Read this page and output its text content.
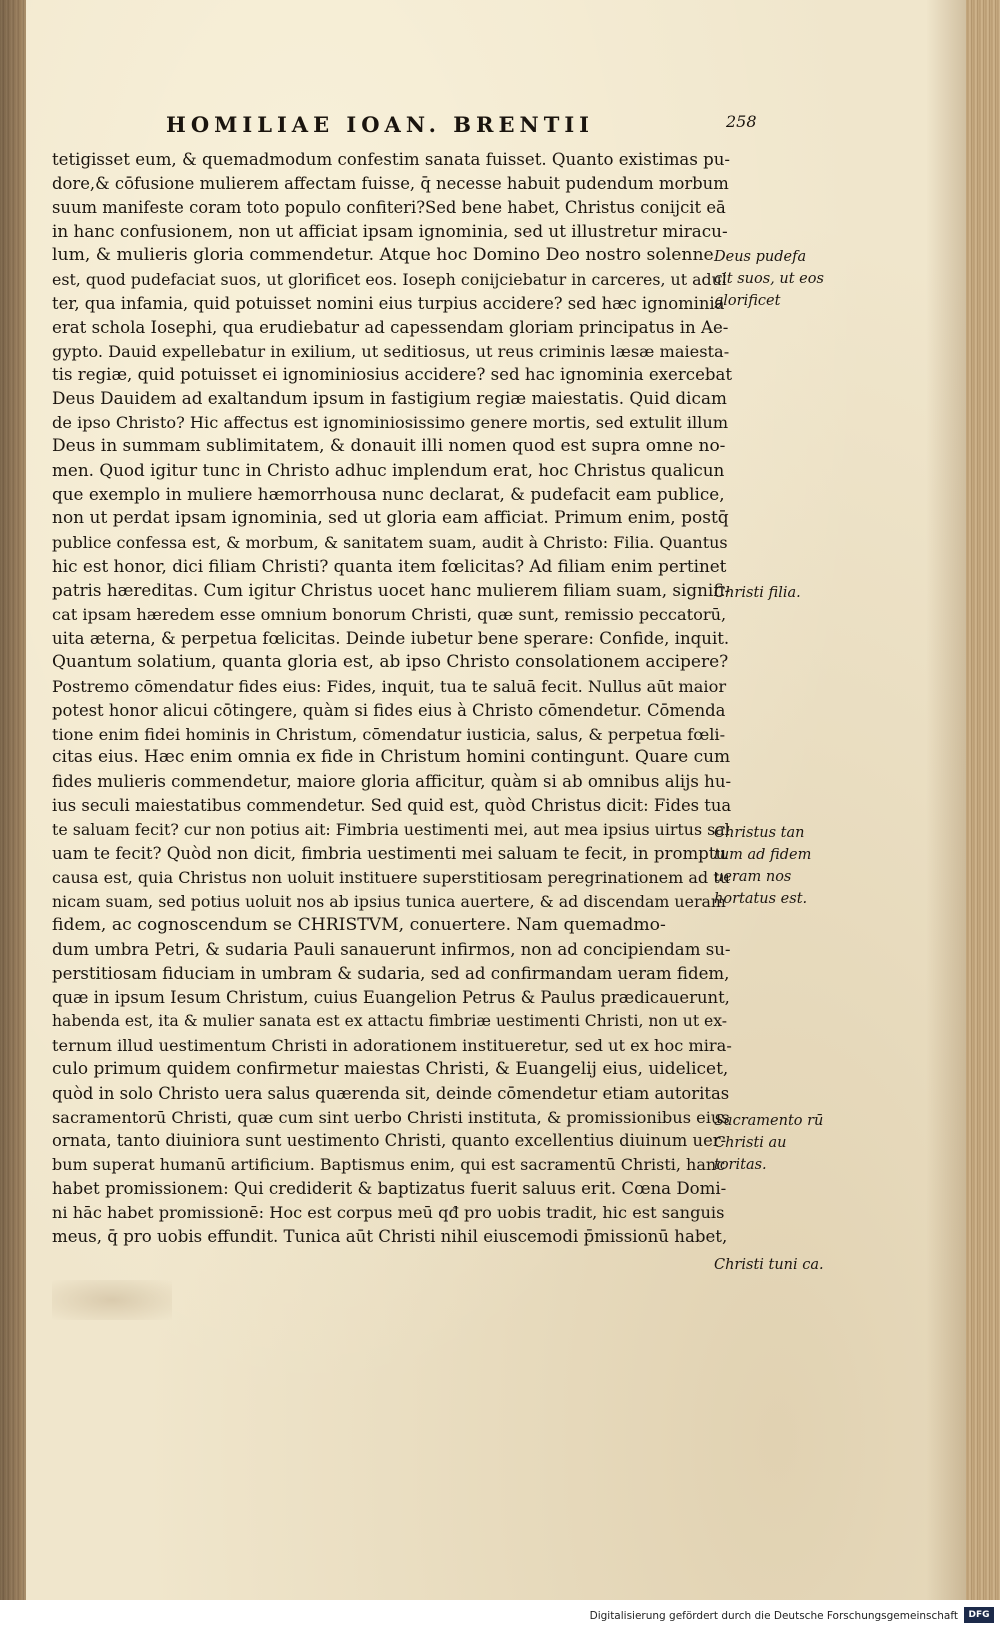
HOMILIAE IOAN. BRENTII	258
tetigisset eum, & quemadmodum confestim sanata fuisset. Quanto existimas pu-
dore,& cōfusione mulierem affectam fuisse, q̄ necesse habuit pudendum morbum
suum manifeste coram toto populo confiteri?Sed bene habet, Christus conijcit eā
in hanc confusionem, non ut afficiat ipsam ignominia, sed ut illustretur miracu-
lum, & mulieris gloria commendetur. Atque hoc Domino Deo nostro solenne
est, quod pudefaciat suos, ut glorificet eos. Ioseph conijciebatur in carceres, ut adul
ter, qua infamia, quid potuisset nomini eius turpius accidere? sed hæc ignominia
erat schola Iosephi, qua erudiebatur ad capessendam gloriam principatus in Ae-
gypto. Dauid expellebatur in exilium, ut seditiosus, ut reus criminis læsæ maiesta-
tis regiæ, quid potuisset ei ignominiosius accidere? sed hac ignominia exercebat
Deus Dauidem ad exaltandum ipsum in fastigium regiæ maiestatis. Quid dicam
de ipso Christo? Hic affectus est ignominiosissimo genere mortis, sed extulit illum
Deus in summam sublimitatem, & donauit illi nomen quod est supra omne no-
men. Quod igitur tunc in Christo adhuc implendum erat, hoc Christus qualicun
que exemplo in muliere hæmorrhousa nunc declarat, & pudefacit eam publice,
non ut perdat ipsam ignominia, sed ut gloria eam afficiat. Primum enim, postq̄
publice confessa est, & morbum, & sanitatem suam, audit à Christo: Filia. Quantus
hic est honor, dici filiam Christi? quanta item fœlicitas? Ad filiam enim pertinet
patris hæreditas. Cum igitur Christus uocet hanc mulierem filiam suam, signifi-
cat ipsam hæredem esse omnium bonorum Christi, quæ sunt, remissio peccatorū,
uita æterna, & perpetua fœlicitas. Deinde iubetur bene sperare: Confide, inquit.
Quantum solatium, quanta gloria est, ab ipso Christo consolationem accipere?
Postremo cōmendatur fides eius: Fides, inquit, tua te saluā fecit. Nullus aūt maior
potest honor alicui cōtingere, quàm si fides eius à Christo cōmendetur. Cōmenda
tione enim fidei hominis in Christum, cōmendatur iusticia, salus, & perpetua fœli-
citas eius. Hæc enim omnia ex fide in Christum homini contingunt. Quare cum
fides mulieris commendetur, maiore gloria afficitur, quàm si ab omnibus alijs hu-
ius seculi maiestatibus commendetur. Sed quid est, quòd Christus dicit: Fides tua
te saluam fecit? cur non potius ait: Fimbria uestimenti mei, aut mea ipsius uirtus sal
uam te fecit? Quòd non dicit, fimbria uestimenti mei saluam te fecit, in promptu
causa est, quia Christus non uoluit instituere superstitiosam peregrinationem ad tu
nicam suam, sed potius uoluit nos ab ipsius tunica auertere, & ad discendam ueram
fidem, ac cognoscendum se CHRISTVM, conuertere. Nam quemadmo-
dum umbra Petri, & sudaria Pauli sanauerunt infirmos, non ad concipiendam su-
perstitiosam fiduciam in umbram & sudaria, sed ad confirmandam ueram fidem,
quæ in ipsum Iesum Christum, cuius Euangelion Petrus & Paulus prædicauerunt,
habenda est, ita & mulier sanata est ex attactu fimbriæ uestimenti Christi, non ut ex-
ternum illud uestimentum Christi in adorationem institueretur, sed ut ex hoc mira-
culo primum quidem confirmetur maiestas Christi, & Euangelij eius, uidelicet,
quòd in solo Christo uera salus quærenda sit, deinde cōmendetur etiam autoritas
sacramentorū Christi, quæ cum sint uerbo Christi instituta, & promissionibus eius
ornata, tanto diuiniora sunt uestimento Christi, quanto excellentius diuinum uer-
bum superat humanū artificium. Baptismus enim, qui est sacramentū Christi, hanc
habet promissionem: Qui crediderit & baptizatus fuerit saluus erit. Cœna Domi-
ni hāc habet promissionē: Hoc est corpus meū qđ pro uobis tradit, hic est sanguis
meus, q̄ pro uobis effundit. Tunica aūt Christi nihil eiuscemodi p̄missionū habet,
Deus pudefa cit suos, ut eos glorificet
Christi filia.
Christus tan tum ad fidem ueram nos hortatus est.
Sacramento rū Christi au toritas.
Christi tuni ca.
Digitalisierung gefördert durch die Deutsche Forschungsgemeinschaft	DFG
